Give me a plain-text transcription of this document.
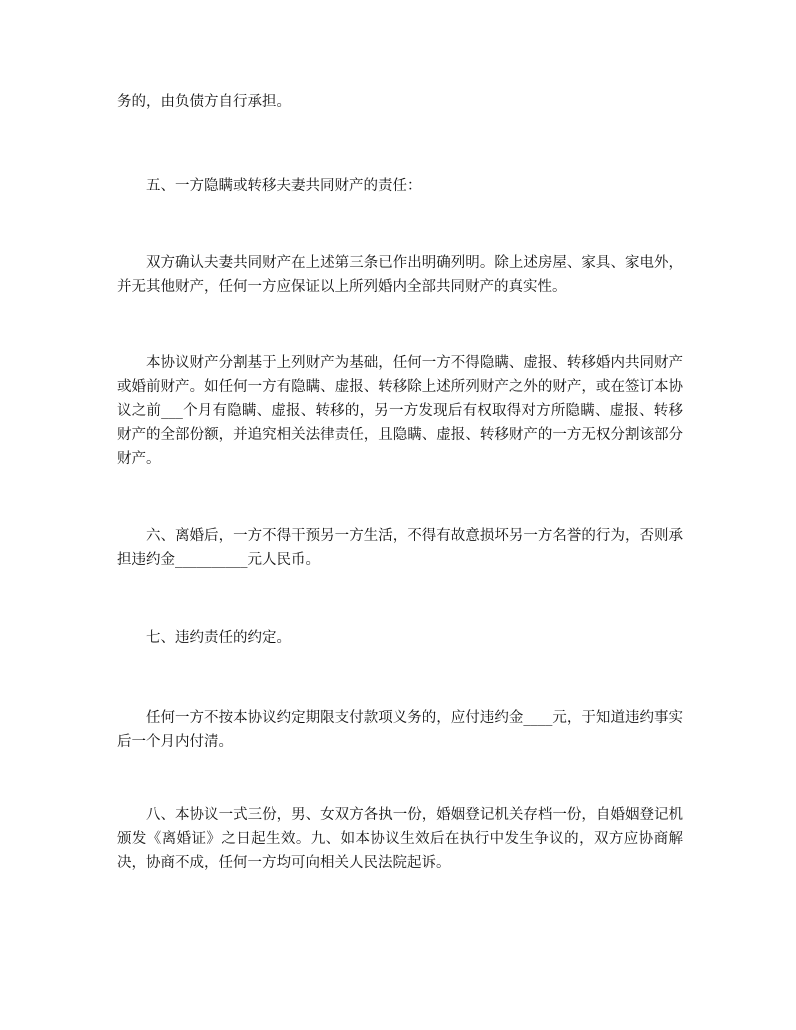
务的，由负债方自行承担。

五、一方隐瞒或转移夫妻共同财产的责任：

双方确认夫妻共同财产在上述第三条已作出明确列明。除上述房屋、家具、家电外，并无其他财产，任何一方应保证以上所列婚内全部共同财产的真实性。

本协议财产分割基于上列财产为基础，任何一方不得隐瞒、虚报、转移婚内共同财产或婚前财产。如任何一方有隐瞒、虚报、转移除上述所列财产之外的财产，或在签订本协议之前___个月有隐瞒、虚报、转移的，另一方发现后有权取得对方所隐瞒、虚报、转移财产的全部份额，并追究相关法律责任，且隐瞒、虚报、转移财产的一方无权分割该部分财产。

六、离婚后，一方不得干预另一方生活，不得有故意损坏另一方名誉的行为，否则承担违约金__________元人民币。

七、违约责任的约定。

任何一方不按本协议约定期限支付款项义务的，应付违约金____元，于知道违约事实后一个月内付清。

八、本协议一式三份，男、女双方各执一份，婚姻登记机关存档一份，自婚姻登记机颁发《离婚证》之日起生效。九、如本协议生效后在执行中发生争议的，双方应协商解决，协商不成，任何一方均可向相关人民法院起诉。
